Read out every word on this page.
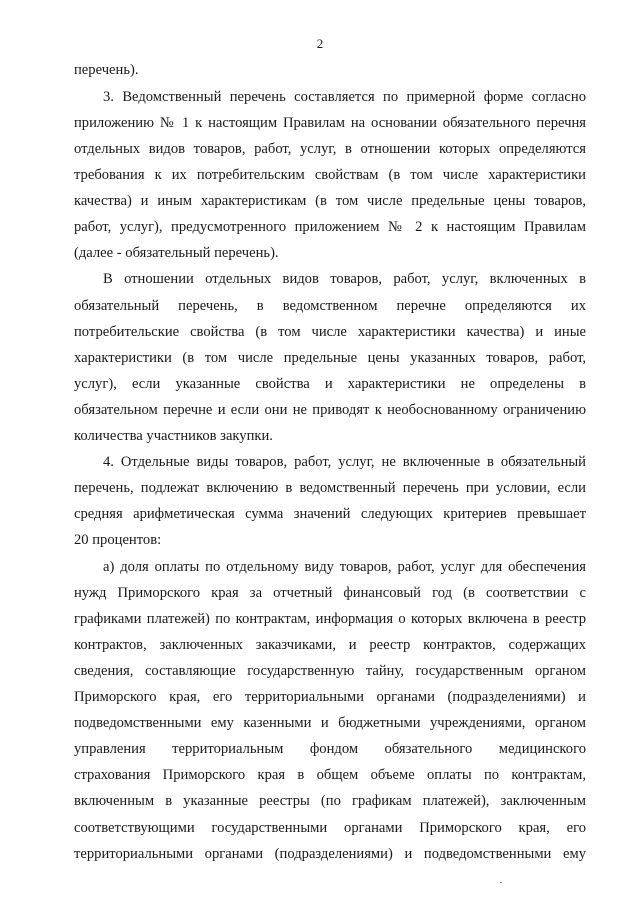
2
перечень).
3. Ведомственный перечень составляется по примерной форме согласно
приложению № 1 к настоящим Правилам на основании обязательного перечня
отдельных видов товаров, работ, услуг, в отношении которых определяются
требования к их потребительским свойствам (в том числе характеристики
качества) и иным характеристикам (в том числе предельные цены товаров,
работ, услуг), предусмотренного приложением № 2 к настоящим Правилам
(далее - обязательный перечень).
В отношении отдельных видов товаров, работ, услуг, включенных в
обязательный перечень, в ведомственном перечне определяются их
потребительские свойства (в том числе характеристики качества) и иные
характеристики (в том числе предельные цены указанных товаров, работ,
услуг), если указанные свойства и характеристики не определены в
обязательном перечне и если они не приводят к необоснованному ограничению
количества участников закупки.
4. Отдельные виды товаров, работ, услуг, не включенные в обязательный
перечень, подлежат включению в ведомственный перечень при условии, если
средняя арифметическая сумма значений следующих критериев превышает
20 процентов:
а) доля оплаты по отдельному виду товаров, работ, услуг для обеспечения
нужд Приморского края за отчетный финансовый год (в соответствии с
графиками платежей) по контрактам, информация о которых включена в реестр
контрактов, заключенных заказчиками, и реестр контрактов, содержащих
сведения, составляющие государственную тайну, государственным органом
Приморского края, его территориальными органами (подразделениями) и
подведомственными ему казенными и бюджетными учреждениями, органом
управления территориальным фондом обязательного медицинского
страхования Приморского края в общем объеме оплаты по контрактам,
включенным в указанные реестры (по графикам платежей), заключенным
соответствующими государственными органами Приморского края, его
территориальными органами (подразделениями) и подведомственными ему
